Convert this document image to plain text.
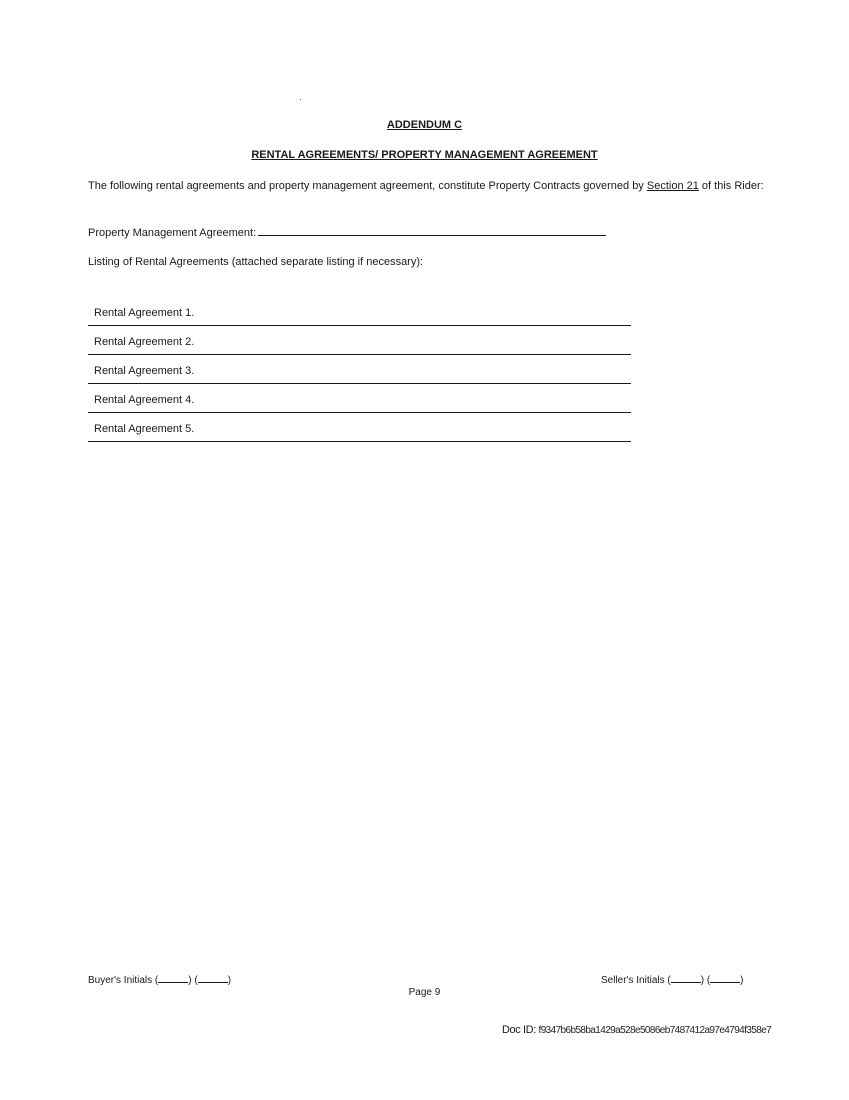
ADDENDUM C
RENTAL AGREEMENTS/ PROPERTY MANAGEMENT AGREEMENT
The following rental agreements and property management agreement, constitute Property Contracts governed by Section 21 of this Rider:
Property Management Agreement:
Listing of Rental Agreements (attached separate listing if necessary):
Rental Agreement 1.
Rental Agreement 2.
Rental Agreement 3.
Rental Agreement 4.
Rental Agreement 5.
Buyer's Initials (	) (	)
Page 9
Seller's Initials (	) (	)
Doc ID: f9347b6b58ba1429a528e5086eb7487412a97e4794f358e7
